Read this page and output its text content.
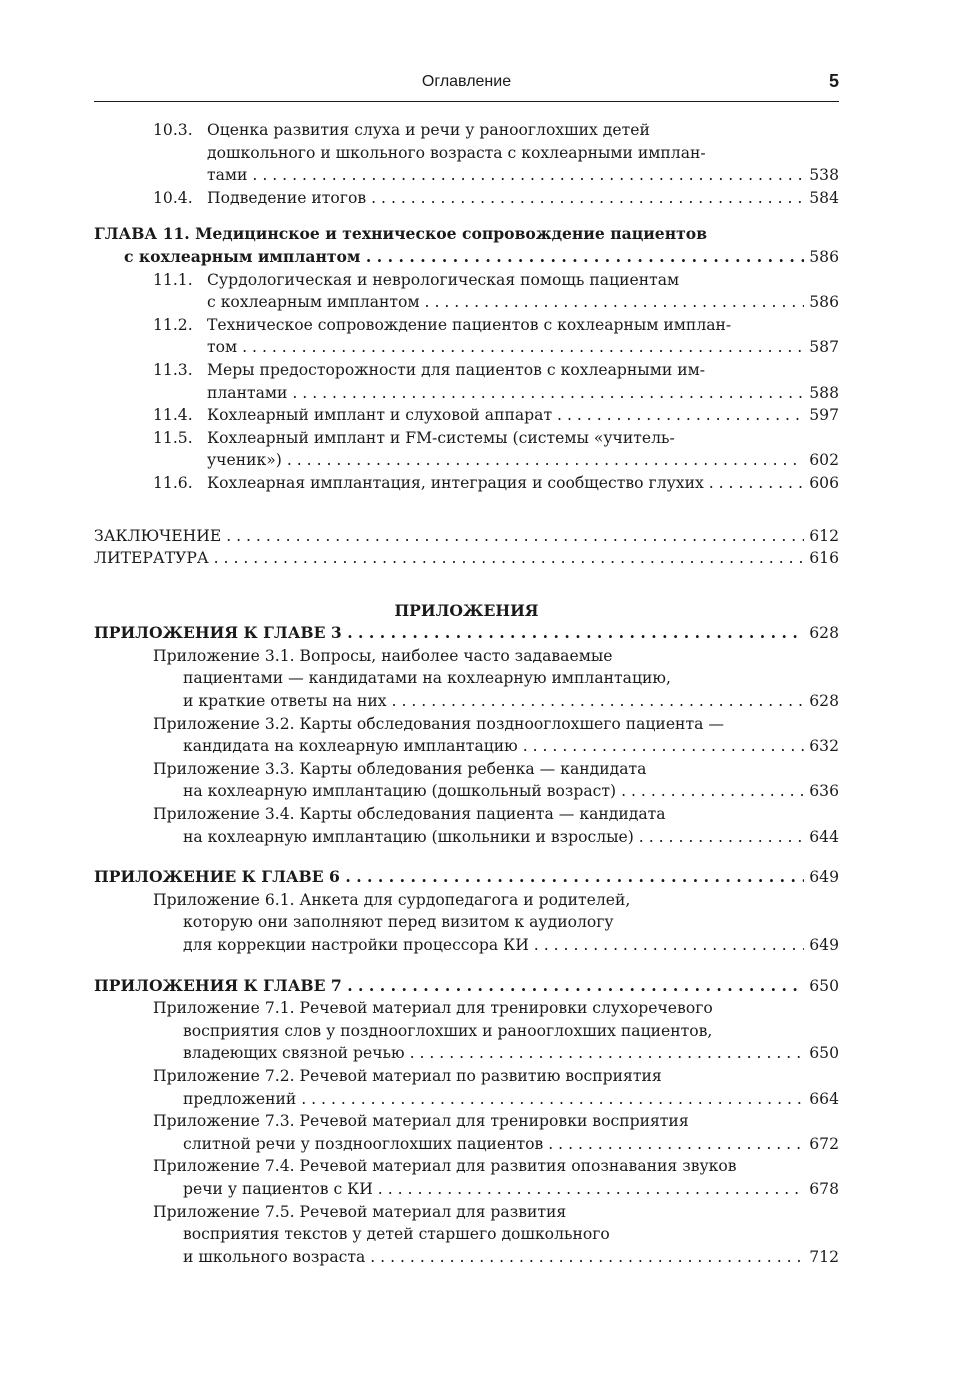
Оглавление	5
10.3. Оценка развития слуха и речи у ранооглохших детей
дошкольного и школьного возраста с кохлеарными имплан-
тами . . .	538
10.4. Подведение итогов . . .	584
ГЛАВА 11. Медицинское и техническое сопровождение пациентов
с кохлеарным имплантом . . .	586
11.1. Сурдологическая и неврологическая помощь пациентам
с кохлеарным имплантом . . .	586
11.2. Техническое сопровождение пациентов с кохлеарным имплан-
том . . .	587
11.3. Меры предосторожности для пациентов с кохлеарными им-
плантами . . .	588
11.4. Кохлеарный имплант и слуховой аппарат . . .	597
11.5. Кохлеарный имплант и FM-системы (системы «учитель-
ученик») . . .	602
11.6. Кохлеарная имплантация, интеграция и сообщество глухих . . .	606
ЗАКЛЮЧЕНИЕ . . .	612
ЛИТЕРАТУРА . . .	616
ПРИЛОЖЕНИЯ
ПРИЛОЖЕНИЯ К ГЛАВЕ 3 . . .	628
Приложение 3.1. Вопросы, наиболее часто задаваемые
пациентами — кандидатами на кохлеарную имплантацию,
и краткие ответы на них . . .	628
Приложение 3.2. Карты обследования позднооглохшего пациента —
кандидата на кохлеарную имплантацию . . .	632
Приложение 3.3. Карты обледования ребенка — кандидата
на кохлеарную имплантацию (дошкольный возраст) . . .	636
Приложение 3.4. Карты обследования пациента — кандидата
на кохлеарную имплантацию (школьники и взрослые) . . .	644
ПРИЛОЖЕНИЕ К ГЛАВЕ 6 . . .	649
Приложение 6.1. Анкета для сурдопедагога и родителей,
которую они заполняют перед визитом к аудиологу
для коррекции настройки процессора КИ . . .	649
ПРИЛОЖЕНИЯ К ГЛАВЕ 7 . . .	650
Приложение 7.1. Речевой материал для тренировки слухоречевого
восприятия слов у позднооглохших и ранооглохших пациентов,
владеющих связной речью . . .	650
Приложение 7.2. Речевой материал по развитию восприятия
предложений . . .	664
Приложение 7.3. Речевой материал для тренировки восприятия
слитной речи у позднооглохших пациентов . . .	672
Приложение 7.4. Речевой материал для развития опознавания звуков
речи у пациентов с КИ . . .	678
Приложение 7.5. Речевой материал для развития
восприятия текстов у детей старшего дошкольного
и школьного возраста . . .	712
